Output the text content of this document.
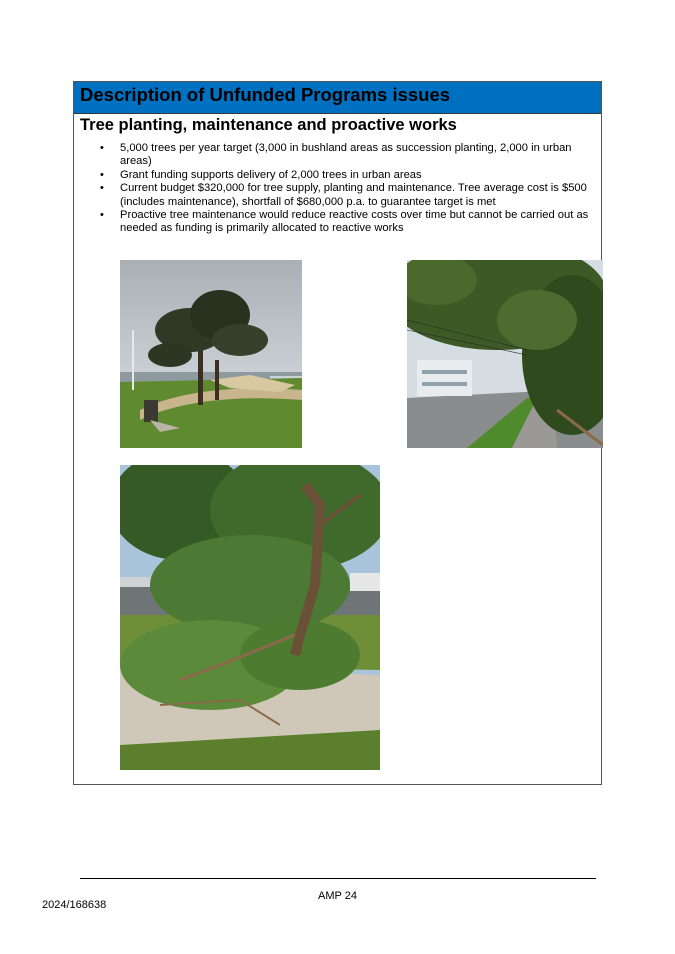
Description of Unfunded Programs issues
Tree planting, maintenance and proactive works
• 5,000 trees per year target (3,000 in bushland areas as succession planting, 2,000 in urban areas)
• Grant funding supports delivery of 2,000 trees in urban areas
• Current budget $320,000 for tree supply, planting and maintenance. Tree average cost is $500 (includes maintenance), shortfall of $680,000 p.a. to guarantee target is met
• Proactive tree maintenance would reduce reactive costs over time but cannot be carried out as needed as funding is primarily allocated to reactive works
AMP 24
2024/168638
